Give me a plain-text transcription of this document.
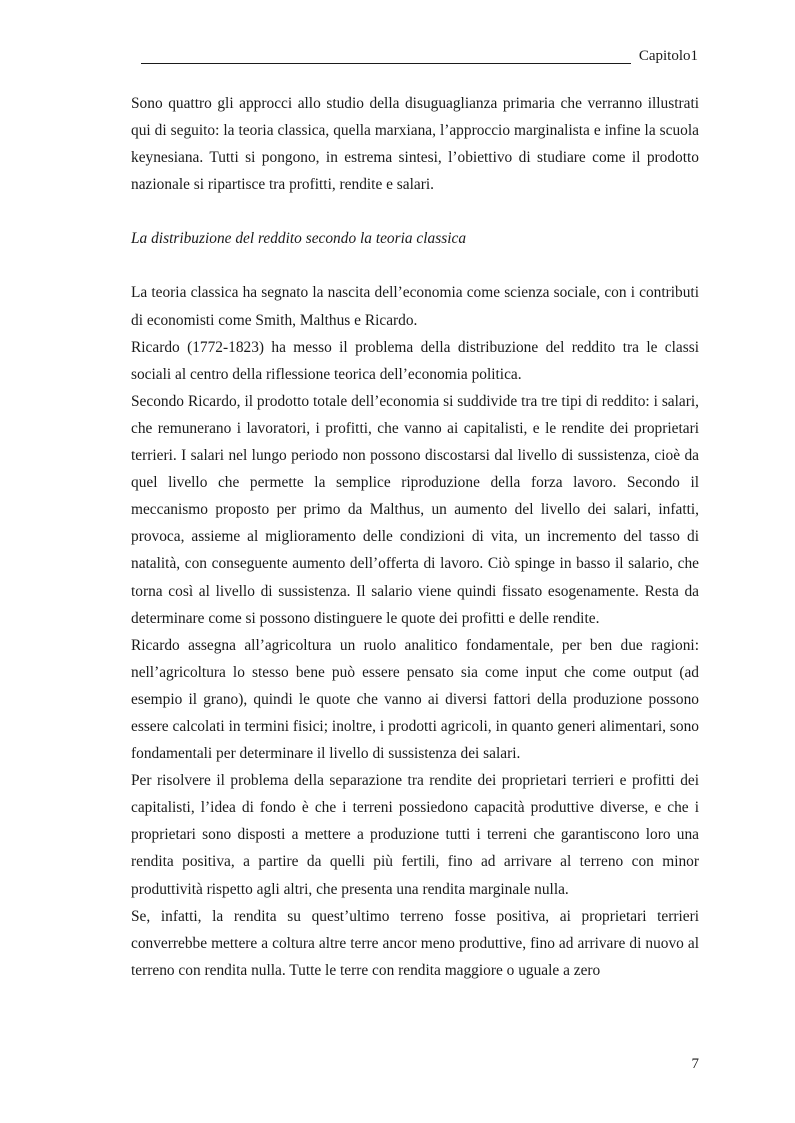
Capitolo1

Sono quattro gli approcci allo studio della disuguaglianza primaria che verranno illustrati qui di seguito: la teoria classica, quella marxiana, l’approccio marginalista e infine la scuola keynesiana. Tutti si pongono, in estrema sintesi, l’obiettivo di studiare come il prodotto nazionale si ripartisce tra profitti, rendite e salari.

La distribuzione del reddito secondo la teoria classica

La teoria classica ha segnato la nascita dell’economia come scienza sociale, con i contributi di economisti come Smith, Malthus e Ricardo.

Ricardo (1772-1823) ha messo il problema della distribuzione del reddito tra le classi sociali al centro della riflessione teorica dell’economia politica.

Secondo Ricardo, il prodotto totale dell’economia si suddivide tra tre tipi di reddito: i salari, che remunerano i lavoratori, i profitti, che vanno ai capitalisti, e le rendite dei proprietari terrieri. I salari nel lungo periodo non possono discostarsi dal livello di sussistenza, cioè da quel livello che permette la semplice riproduzione della forza lavoro. Secondo il meccanismo proposto per primo da Malthus, un aumento del livello dei salari, infatti, provoca, assieme al miglioramento delle condizioni di vita, un incremento del tasso di natalità, con conseguente aumento dell’offerta di lavoro. Ciò spinge in basso il salario, che torna così al livello di sussistenza. Il salario viene quindi fissato esogenamente. Resta da determinare come si possono distinguere le quote dei profitti e delle rendite.

Ricardo assegna all’agricoltura un ruolo analitico fondamentale, per ben due ragioni: nell’agricoltura lo stesso bene può essere pensato sia come input che come output (ad esempio il grano), quindi le quote che vanno ai diversi fattori della produzione possono essere calcolati in termini fisici; inoltre, i prodotti agricoli, in quanto generi alimentari, sono fondamentali per determinare il livello di sussistenza dei salari.

Per risolvere il problema della separazione tra rendite dei proprietari terrieri e profitti dei capitalisti, l’idea di fondo è che i terreni possiedono capacità produttive diverse, e che i proprietari sono disposti a mettere a produzione tutti i terreni che garantiscono loro una rendita positiva, a partire da quelli più fertili, fino ad arrivare al terreno con minor produttività rispetto agli altri, che presenta una rendita marginale nulla.

Se, infatti, la rendita su quest’ultimo terreno fosse positiva, ai proprietari terrieri converrebbe mettere a coltura altre terre ancor meno produttive, fino ad arrivare di nuovo al terreno con rendita nulla. Tutte le terre con rendita maggiore o uguale a zero

7
